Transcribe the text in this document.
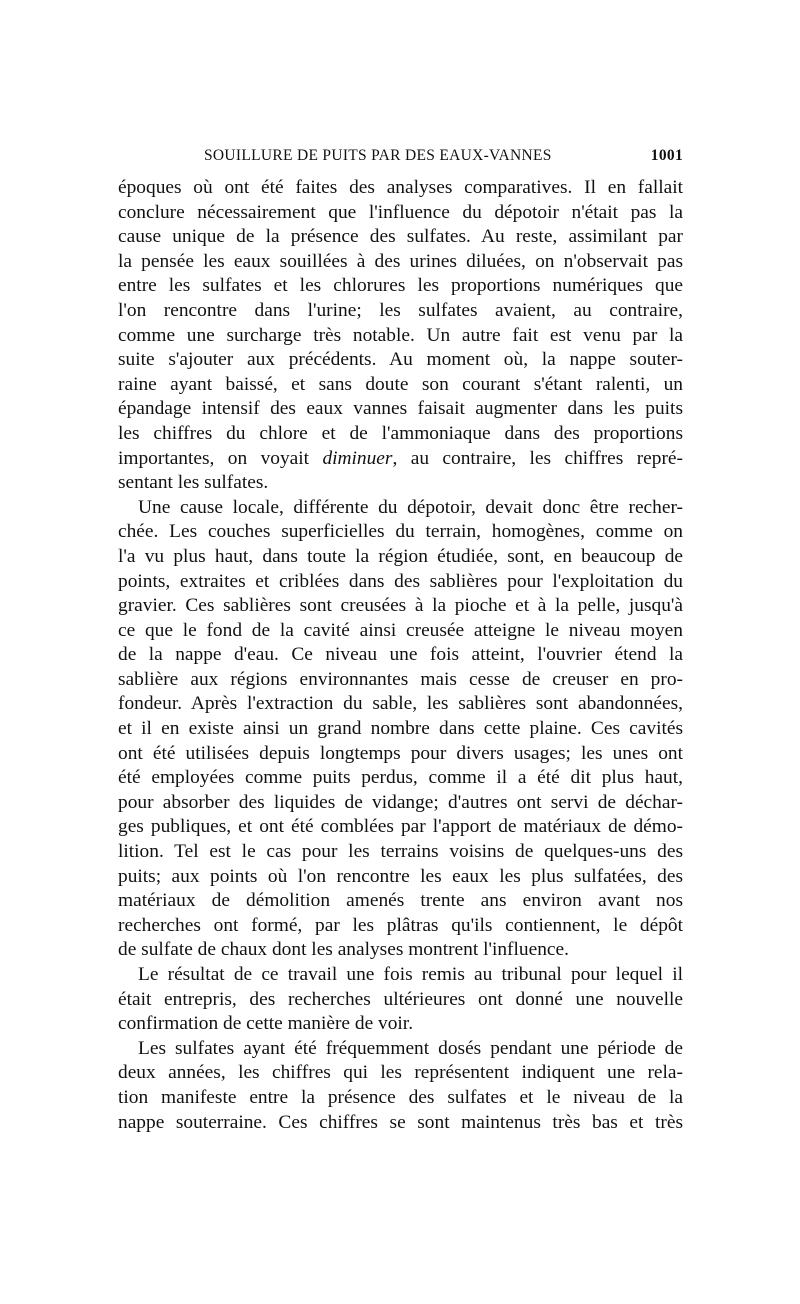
SOUILLURE DE PUITS PAR DES EAUX-VANNES	1001
époques où ont été faites des analyses comparatives. Il en fallait
conclure nécessairement que l'influence du dépotoir n'était pas la
cause unique de la présence des sulfates. Au reste, assimilant par
la pensée les eaux souillées à des urines diluées, on n'observait pas
entre les sulfates et les chlorures les proportions numériques que
l'on rencontre dans l'urine; les sulfates avaient, au contraire,
comme une surcharge très notable. Un autre fait est venu par la
suite s'ajouter aux précédents. Au moment où, la nappe souter-
raine ayant baissé, et sans doute son courant s'étant ralenti, un
épandage intensif des eaux vannes faisait augmenter dans les puits
les chiffres du chlore et de l'ammoniaque dans des proportions
importantes, on voyait diminuer, au contraire, les chiffres repré-
sentant les sulfates.
Une cause locale, différente du dépotoir, devait donc être recher-
chée. Les couches superficielles du terrain, homogènes, comme on
l'a vu plus haut, dans toute la région étudiée, sont, en beaucoup de
points, extraites et criblées dans des sablières pour l'exploitation du
gravier. Ces sablières sont creusées à la pioche et à la pelle, jusqu'à
ce que le fond de la cavité ainsi creusée atteigne le niveau moyen
de la nappe d'eau. Ce niveau une fois atteint, l'ouvrier étend la
sablière aux régions environnantes mais cesse de creuser en pro-
fondeur. Après l'extraction du sable, les sablières sont abandonnées,
et il en existe ainsi un grand nombre dans cette plaine. Ces cavités
ont été utilisées depuis longtemps pour divers usages; les unes ont
été employées comme puits perdus, comme il a été dit plus haut,
pour absorber des liquides de vidange; d'autres ont servi de déchar-
ges publiques, et ont été comblées par l'apport de matériaux de démo-
lition. Tel est le cas pour les terrains voisins de quelques-uns des
puits; aux points où l'on rencontre les eaux les plus sulfatées, des
matériaux de démolition amenés trente ans environ avant nos
recherches ont formé, par les plâtras qu'ils contiennent, le dépôt
de sulfate de chaux dont les analyses montrent l'influence.
Le résultat de ce travail une fois remis au tribunal pour lequel il
était entrepris, des recherches ultérieures ont donné une nouvelle
confirmation de cette manière de voir.
Les sulfates ayant été fréquemment dosés pendant une période de
deux années, les chiffres qui les représentent indiquent une rela-
tion manifeste entre la présence des sulfates et le niveau de la
nappe souterraine. Ces chiffres se sont maintenus très bas et très
